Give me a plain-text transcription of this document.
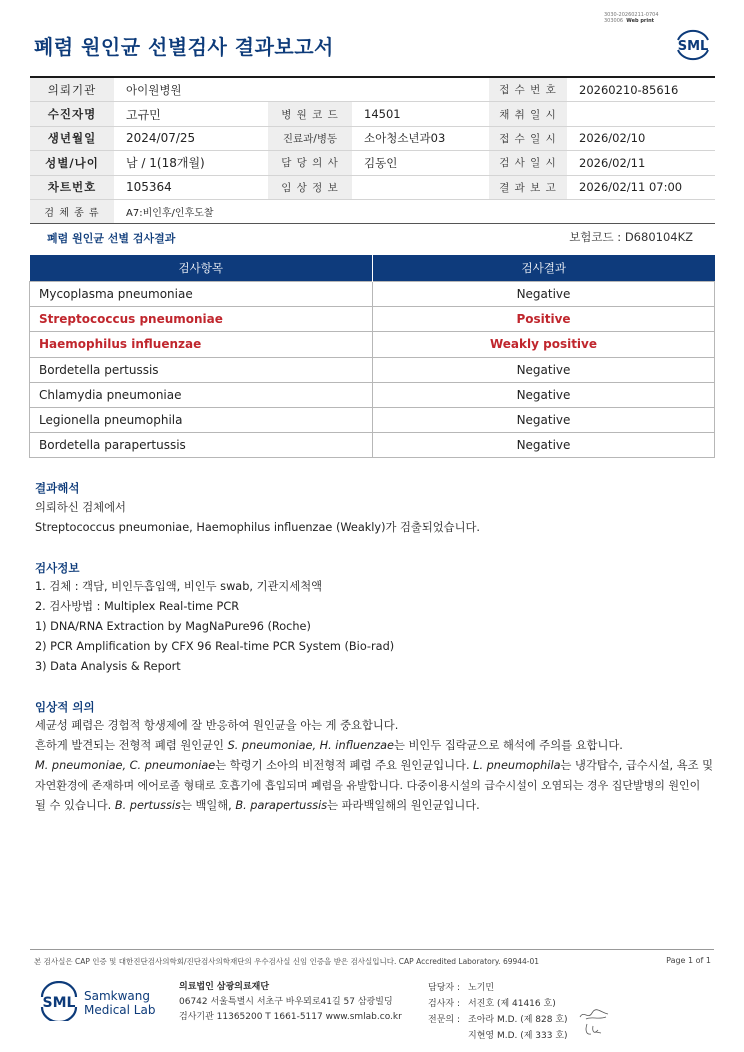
폐렴 원인균 선별검사 결과보고서
3030-20260211-0704
303006 Web print
SML
의뢰기관	아이원병원			접 수 번 호	20260210-85616
수진자명	고규민	병 원 코 드	14501	채 취 일 시	
생년월일	2024/07/25	진료과/병동	소아청소년과03	접 수 일 시	2026/02/10
성별/나이	남 / 1(18개월)	담 당 의 사	김동인	검 사 일 시	2026/02/11
차트번호	105364	임 상 정 보		결 과 보 고	2026/02/11 07:00
검 체 종 류	A7:비인후/인후도찰				
폐렴 원인균 선별 검사결과	보험코드 : D680104KZ
검사항목	검사결과
Mycoplasma pneumoniae	Negative
Streptococcus pneumoniae	Positive
Haemophilus influenzae	Weakly positive
Bordetella pertussis	Negative
Chlamydia pneumoniae	Negative
Legionella pneumophila	Negative
Bordetella parapertussis	Negative
결과해석
의뢰하신 검체에서
Streptococcus pneumoniae, Haemophilus influenzae (Weakly)가 검출되었습니다.
검사정보
1. 검체 : 객담, 비인두흡입액, 비인두 swab, 기관지세척액
2. 검사방법 : Multiplex Real-time PCR
1) DNA/RNA Extraction by MagNaPure96 (Roche)
2) PCR Amplification by CFX 96 Real-time PCR System (Bio-rad)
3) Data Analysis & Report
임상적 의의
세균성 폐렴은 경험적 항생제에 잘 반응하여 원인균을 아는 게 중요합니다.
흔하게 발견되는 전형적 폐렴 원인균인 S. pneumoniae, H. influenzae는 비인두 집락균으로 해석에 주의를 요합니다.
M. pneumoniae, C. pneumoniae는 학령기 소아의 비전형적 폐렴 주요 원인균입니다. L. pneumophila는 냉각탑수, 급수시설, 욕조 및
자연환경에 존재하며 에어로졸 형태로 호흡기에 흡입되며 폐렴을 유발합니다. 다중이용시설의 급수시설이 오염되는 경우 집단발병의 원인이
될 수 있습니다. B. pertussis는 백일해, B. parapertussis는 파라백일해의 원인균입니다.
본 검사실은 CAP 인증 및 대한진단검사의학회/진단검사의학재단의 우수검사실 신임 인증을 받은 검사실입니다. CAP Accredited Laboratory. 69944-01	Page 1 of 1
SML Samkwang
Medical Lab
의료법인 삼광의료재단
06742 서울특별시 서초구 바우뫼로41길 57 삼광빌딩
검사기관 11365200 T 1661-5117 www.smlab.co.kr
담당자 : 노기민
검사자 : 서진호 (제 41416 호)
전문의 : 조아라 M.D. (제 828 호)
지현영 M.D. (제 333 호)
